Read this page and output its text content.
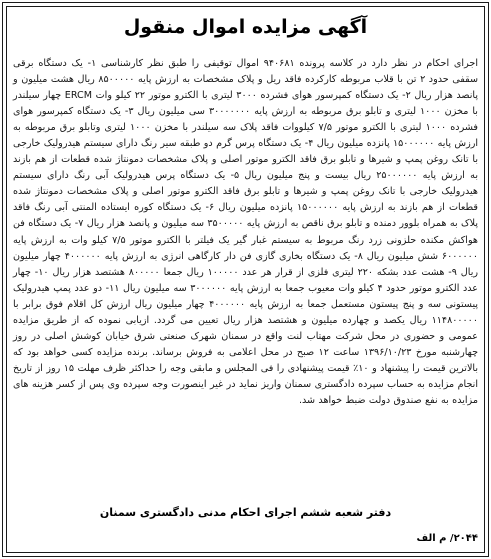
آگهی مزایده اموال منقول
اجرای احکام در نظر دارد در کلاسه پرونده ۹۴۰۶۸۱ اموال توقیفی را طبق نظر کارشناسی ۱- یک دستگاه برقی سقفی حدود ۲ تن با قلاب مربوطه کارکرده فاقد ریل و پلاک مشخصات به ارزش پایه ۸۵۰۰۰۰۰ ریال هشت میلیون و پانصد هزار ریال ۲- یک دستگاه کمپرسور هوای فشرده ۳۰۰۰ لیتری با الکترو موتور ۲۲ کیلو وات ERCM چهار سیلندر با مخزن ۱۰۰۰ لیتری و تابلو برق مربوطه به ارزش پایه ۳۰۰۰۰۰۰۰ سی میلیون ریال ۳- یک دستگاه کمپرسور هوای فشرده ۱۰۰۰ لیتری با الکترو موتور ۷/۵ کیلووات فاقد پلاک سه سیلندر با مخزن ۱۰۰۰ لیتری وتابلو برق مربوطه به ارزش پایه ۱۵۰۰۰۰۰۰ پانزده میلیون ریال ۴- یک دستگاه پرس گرم دو طبقه سیر رنگ دارای سیستم هیدرولیک خارجی با تانک روغن پمپ و شیرها و تابلو برق فاقد الکترو موتور اصلی و پلاک مشخصات دمونتاژ شده قطعات از هم بازند به ارزش پایه ۲۵۰۰۰۰۰۰ ریال بیست و پنج میلیون ریال ۵- یک دستگاه پرس هیدرولیک آبی رنگ دارای سیستم هیدرولیک خارجی با تانک روغن پمپ و شیرها و تابلو برق فاقد الکترو موتور اصلی و پلاک مشخصات دمونتاژ شده قطعات از هم بازند به ارزش پایه ۱۵۰۰۰۰۰۰ پانزده میلیون ریال ۶- یک دستگاه کوره ایستاده المنتی آبی رنگ فاقد پلاک به همراه بلوور دمنده و تابلو برق ناقص به ارزش پایه ۳۵۰۰۰۰۰ سه میلیون و پانصد هزار ریال ۷- یک دستگاه فن هواکش مکنده حلزونی زرد رنگ مربوط به سیستم غبار گیر یک فیلتر با الکترو موتور ۷/۵ کیلو وات به ارزش پایه ۶۰۰۰۰۰۰ شش میلیون ریال ۸- یک دستگاه بخاری گازی فن دار کارگاهی انرژی به ارزش پایه ۴۰۰۰۰۰۰ چهار میلیون ریال ۹- هشت عدد بشکه ۲۲۰ لیتری فلزی از قرار هر عدد ۱۰۰۰۰۰ ریال جمعا ۸۰۰۰۰۰ هشتصد هزار ریال ۱۰- چهار عدد الکترو موتور حدود ۴ کیلو وات معیوب جمعا به ارزش پایه ۳۰۰۰۰۰۰ سه میلیون ریال ۱۱- دو عدد پمپ هیدرولیک پیستونی سه و پنج پیستون مستعمل جمعا به ارزش پایه ۴۰۰۰۰۰۰ چهار میلیون ریال ارزش کل اقلام فوق برابر با ۱۱۴۸۰۰۰۰۰ ریال یکصد و چهارده میلیون و هشتصد هزار ریال تعیین می گردد. ازیابی نموده که از طریق مزایده عمومی و حضوری در محل شرکت مهتاب لنت واقع در سمنان شهرک صنعتی شرق خیابان کوشش اصلی در روز چهارشنبه مورخ ۱۳۹۶/۱۰/۲۳ ساعت ۱۲ صبح در محل اعلامی به فروش برساند. برنده مزایده کسی خواهد بود که بالاترین قیمت را پیشنهاد و ۱۰٪ قیمت پیشنهادی را فی المجلس و مابقی وجه را حداکثر ظرف مهلت ۱۵ روز از تاریخ انجام مزایده به حساب سپرده دادگستری سمنان واریز نماید در غیر اینصورت وجه سپرده وی پس از کسر هزینه های مزایده به نفع صندوق دولت ضبط خواهد شد.
دفتر شعبه ششم اجرای احکام مدنی دادگستری سمنان
۲۰۴۴/ م الف
